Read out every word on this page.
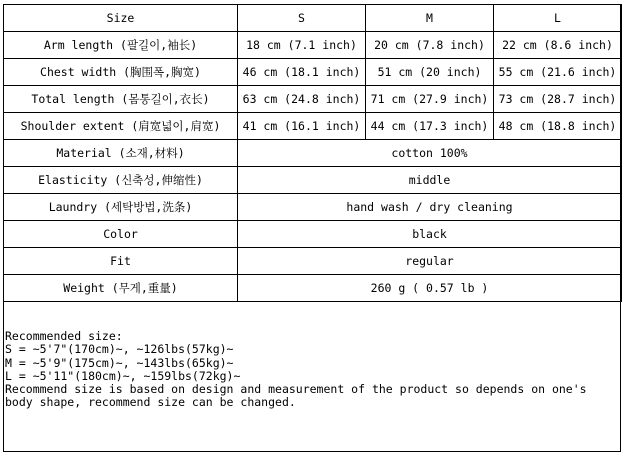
Size	S	M	L
Arm length (팔길이,袖长)	18 cm (7.1 inch)	20 cm (7.8 inch)	22 cm (8.6 inch)
Chest width (胸围폭,胸宽)	46 cm (18.1 inch)	51 cm (20 inch)	55 cm (21.6 inch)
Total length (몸통길이,衣长)	63 cm (24.8 inch)	71 cm (27.9 inch)	73 cm (28.7 inch)
Shoulder extent (肩宽넓이,肩宽)	41 cm (16.1 inch)	44 cm (17.3 inch)	48 cm (18.8 inch)
Material (소재,材料)	cotton 100%		
Elasticity (신축성,伸缩性)	middle		
Laundry (세탁방법,洗条)	hand wash / dry cleaning		
Color	black		
Fit	regular		
Weight (무게,重量)	260 g ( 0.57 lb )		
Recommended size:
S = ~5'7"(170cm)~, ~126lbs(57kg)~
M = ~5'9"(175cm)~, ~143lbs(65kg)~
L = ~5'11"(180cm)~, ~159lbs(72kg)~
Recommend size is based on design and measurement of the product so depends on one's
body shape, recommend size can be changed.
